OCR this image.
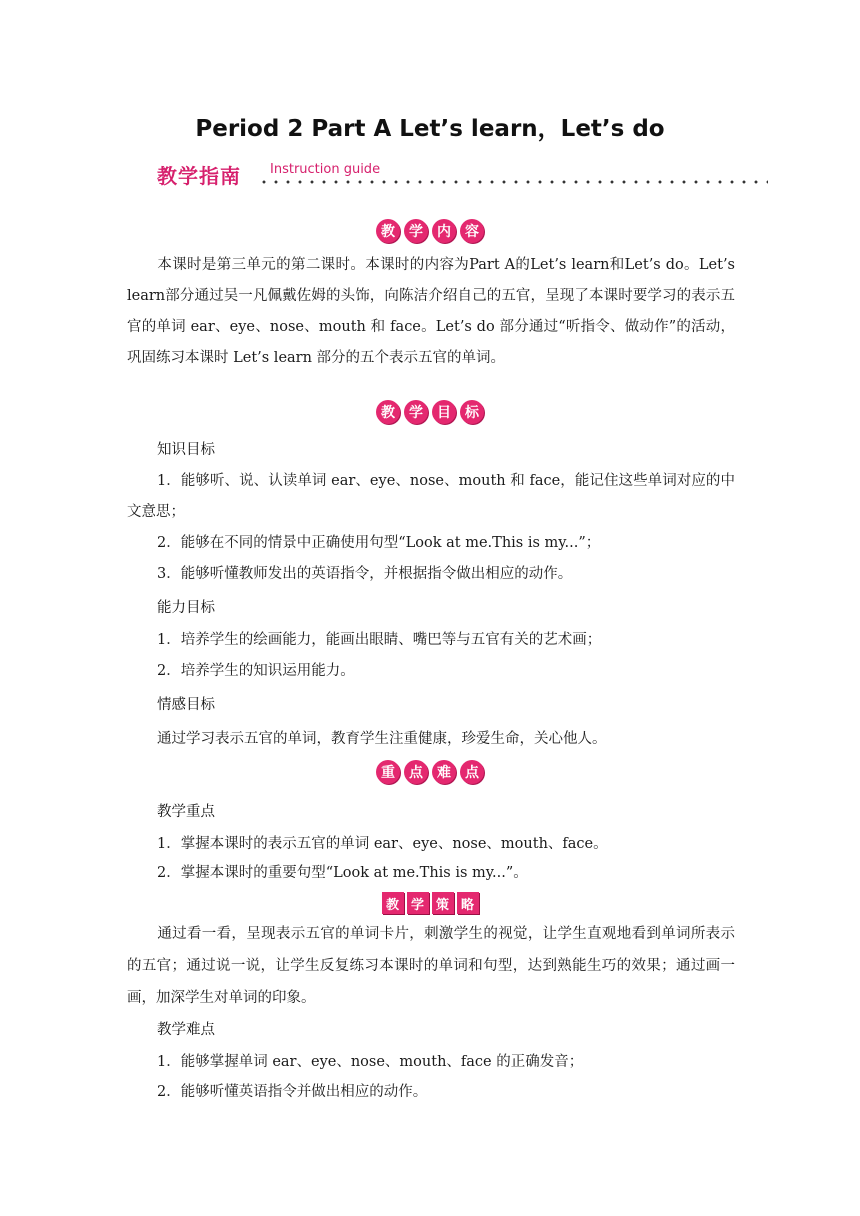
Period 2 Part A Let’s learn，Let’s do
教学指南 Instruction guide
教	学	内	容
本课时是第三单元的第二课时。本课时的内容为Part A的Let’s learn和Let’s do。Let’s learn部分通过吴一凡佩戴佐姆的头饰，向陈洁介绍自己的五官，呈现了本课时要学习的表示五官的单词 ear、eye、nose、mouth 和 face。Let’s do 部分通过“听指令、做动作”的活动，巩固练习本课时 Let’s learn 部分的五个表示五官的单词。
教	学	目	标
知识目标
1．能够听、说、认读单词 ear、eye、nose、mouth 和 face，能记住这些单词对应的中文意思；
2．能够在不同的情景中正确使用句型“Look at me.This is my...”；
3．能够听懂教师发出的英语指令，并根据指令做出相应的动作。
能力目标
1．培养学生的绘画能力，能画出眼睛、嘴巴等与五官有关的艺术画；
2．培养学生的知识运用能力。
情感目标
通过学习表示五官的单词，教育学生注重健康，珍爱生命，关心他人。
重	点	难	点
教学重点
1．掌握本课时的表示五官的单词 ear、eye、nose、mouth、face。
2．掌握本课时的重要句型“Look at me.This is my...”。
教 学 策 略
通过看一看，呈现表示五官的单词卡片，刺激学生的视觉，让学生直观地看到单词所表示的五官；通过说一说，让学生反复练习本课时的单词和句型，达到熟能生巧的效果；通过画一画，加深学生对单词的印象。
教学难点
1．能够掌握单词 ear、eye、nose、mouth、face 的正确发音；
2．能够听懂英语指令并做出相应的动作。
